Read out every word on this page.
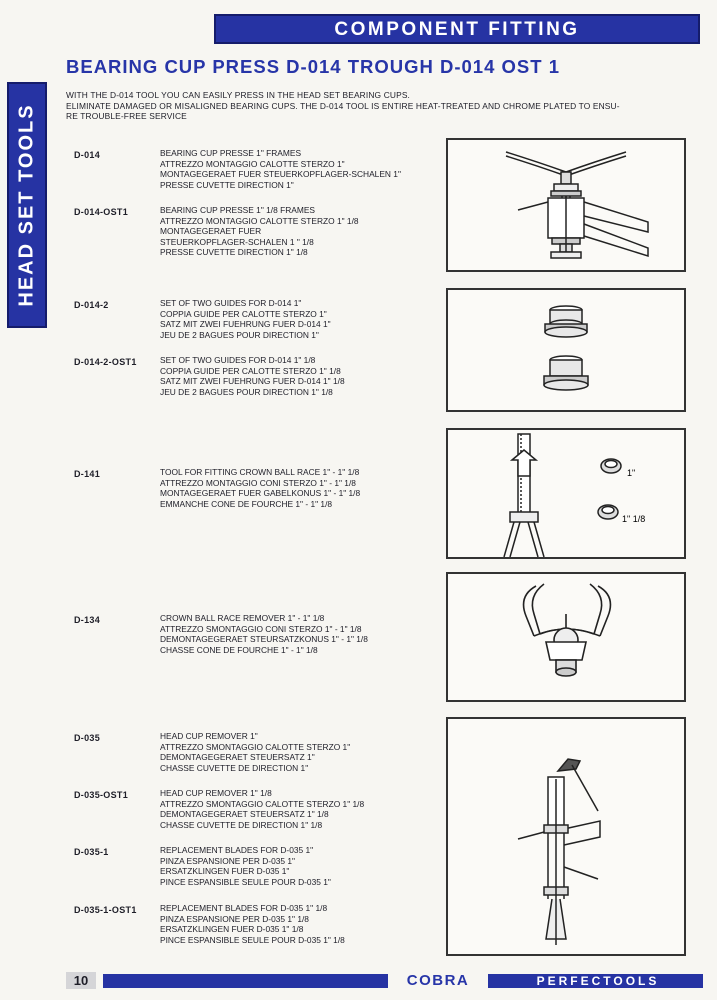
COMPONENT FITTING
HEAD SET TOOLS
BEARING CUP PRESS D-014 TROUGH D-014 OST 1
WITH THE D-014 TOOL YOU CAN EASILY PRESS IN THE HEAD SET BEARING CUPS.
ELIMINATE DAMAGED OR MISALIGNED BEARING CUPS. THE D-014 TOOL IS ENTIRE HEAT-TREATED AND CHROME PLATED TO ENSU-
RE TROUBLE-FREE SERVICE
D-014	BEARING CUP PRESSE 1" FRAMES
ATTREZZO MONTAGGIO CALOTTE STERZO 1"
MONTAGEGERAET FUER STEUERKOPFLAGER-SCHALEN 1"
PRESSE CUVETTE DIRECTION 1"
D-014-OST1	BEARING CUP PRESSE 1" 1/8 FRAMES
ATTREZZO MONTAGGIO CALOTTE STERZO 1" 1/8
MONTAGEGERAET FUER
STEUERKOPFLAGER-SCHALEN 1 " 1/8
PRESSE CUVETTE DIRECTION 1" 1/8
D-014-2	SET OF TWO GUIDES FOR D-014 1"
COPPIA GUIDE PER CALOTTE STERZO 1"
SATZ MIT ZWEI FUEHRUNG FUER D-014 1"
JEU DE 2 BAGUES POUR DIRECTION 1"
D-014-2-OST1	SET OF TWO GUIDES FOR D-014 1" 1/8
COPPIA GUIDE PER CALOTTE STERZO 1" 1/8
SATZ MIT ZWEI FUEHRUNG FUER D-014 1" 1/8
JEU DE 2 BAGUES POUR DIRECTION 1" 1/8
D-141	TOOL FOR FITTING CROWN BALL RACE 1" - 1" 1/8
ATTREZZO MONTAGGIO CONI STERZO 1" - 1" 1/8
MONTAGEGERAET FUER GABELKONUS 1" - 1" 1/8
EMMANCHE CONE DE FOURCHE 1" - 1" 1/8
D-134	CROWN BALL RACE REMOVER 1" - 1" 1/8
ATTREZZO SMONTAGGIO CONI STERZO 1" - 1" 1/8
DEMONTAGEGERAET STEURSATZKONUS 1" - 1" 1/8
CHASSE CONE DE FOURCHE 1" - 1" 1/8
D-035	HEAD CUP REMOVER 1"
ATTREZZO SMONTAGGIO CALOTTE STERZO 1"
DEMONTAGEGERAET STEUERSATZ 1"
CHASSE CUVETTE DE DIRECTION 1"
D-035-OST1	HEAD CUP REMOVER 1" 1/8
ATTREZZO SMONTAGGIO CALOTTE STERZO 1" 1/8
DEMONTAGEGERAET STEUERSATZ 1" 1/8
CHASSE CUVETTE DE DIRECTION 1" 1/8
D-035-1	REPLACEMENT BLADES FOR D-035 1"
PINZA ESPANSIONE PER D-035 1"
ERSATZKLINGEN FUER D-035 1"
PINCE ESPANSIBLE SEULE POUR D-035 1"
D-035-1-OST1	REPLACEMENT BLADES FOR D-035 1" 1/8
PINZA ESPANSIONE PER D-035 1" 1/8
ERSATZKLINGEN FUER D-035 1" 1/8
PINCE ESPANSIBLE SEULE POUR D-035 1" 1/8
1"
1" 1/8
10	COBRA	PERFECTOOLS
